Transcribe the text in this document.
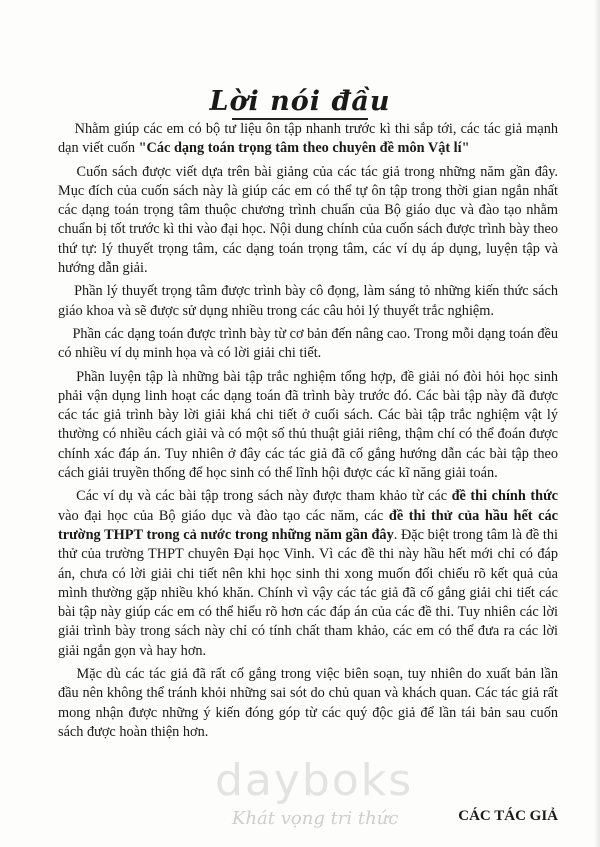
Lời nói đầu

Nhằm giúp các em có bộ tư liệu ôn tập nhanh trước kì thi sắp tới, các tác giả mạnh dạn viết cuốn "Các dạng toán trọng tâm theo chuyên đề môn Vật lí"

Cuốn sách được viết dựa trên bài giảng của các tác giả trong những năm gần đây. Mục đích của cuốn sách này là giúp các em có thể tự ôn tập trong thời gian ngắn nhất các dạng toán trọng tâm thuộc chương trình chuẩn của Bộ giáo dục và đào tạo nhằm chuẩn bị tốt trước kì thi vào đại học. Nội dung chính của cuốn sách được trình bày theo thứ tự: lý thuyết trọng tâm, các dạng toán trọng tâm, các ví dụ áp dụng, luyện tập và hướng dẫn giải.

Phần lý thuyết trọng tâm được trình bày cô đọng, làm sáng tỏ những kiến thức sách giáo khoa và sẽ được sử dụng nhiều trong các câu hỏi lý thuyết trắc nghiệm.

Phần các dạng toán được trình bày từ cơ bản đến nâng cao. Trong mỗi dạng toán đều có nhiều ví dụ minh họa và có lời giải chi tiết.

Phần luyện tập là những bài tập trắc nghiệm tổng hợp, đề giải nó đòi hỏi học sinh phải vận dụng linh hoạt các dạng toán đã trình bày trước đó. Các bài tập này đã được các tác giả trình bày lời giải khá chi tiết ở cuối sách. Các bài tập trắc nghiệm vật lý thường có nhiều cách giải và có một số thủ thuật giải riêng, thậm chí có thể đoán được chính xác đáp án. Tuy nhiên ở đây các tác giả đã cố gắng hướng dẫn các bài tập theo cách giải truyền thống để học sinh có thể lĩnh hội được các kĩ năng giải toán.

Các ví dụ và các bài tập trong sách này được tham khảo từ các đề thi chính thức vào đại học của Bộ giáo dục và đào tạo các năm, các đề thi thử của hầu hết các trường THPT trong cả nước trong những năm gần đây. Đặc biệt trong tâm là đề thi thử của trường THPT chuyên Đại học Vinh. Vì các đề thi này hầu hết mới chỉ có đáp án, chưa có lời giải chi tiết nên khi học sinh thi xong muốn đối chiếu rõ kết quả của mình thường gặp nhiều khó khăn. Chính vì vậy các tác giả đã cố gắng giải chi tiết các bài tập này giúp các em có thể hiểu rõ hơn các đáp án của các đề thi. Tuy nhiên các lời giải trình bày trong sách này chỉ có tính chất tham khảo, các em có thể đưa ra các lời giải ngắn gọn và hay hơn.

Mặc dù các tác giả đã rất cố gắng trong việc biên soạn, tuy nhiên do xuất bản lần đầu nên không thể tránh khỏi những sai sót do chủ quan và khách quan. Các tác giả rất mong nhận được những ý kiến đóng góp từ các quý độc giả để lần tái bản sau cuốn sách được hoàn thiện hơn.

dayboks
Khát vọng tri thức	CÁC TÁC GIẢ
